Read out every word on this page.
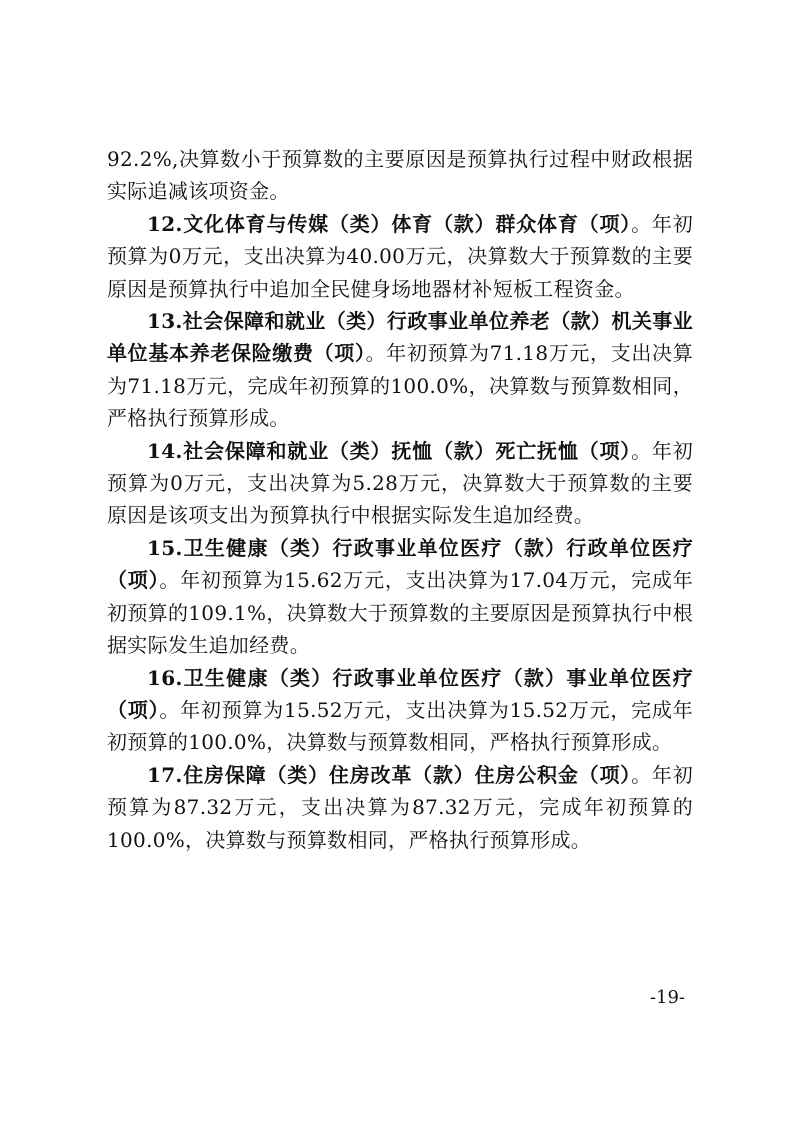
92.2%,决算数小于预算数的主要原因是预算执行过程中财政根据实际追减该项资金。

12.文化体育与传媒（类）体育（款）群众体育（项）。年初预算为0万元，支出决算为40.00万元，决算数大于预算数的主要原因是预算执行中追加全民健身场地器材补短板工程资金。

13.社会保障和就业（类）行政事业单位养老（款）机关事业单位基本养老保险缴费（项）。年初预算为71.18万元，支出决算为71.18万元，完成年初预算的100.0%，决算数与预算数相同，严格执行预算形成。

14.社会保障和就业（类）抚恤（款）死亡抚恤（项）。年初预算为0万元，支出决算为5.28万元，决算数大于预算数的主要原因是该项支出为预算执行中根据实际发生追加经费。

15.卫生健康（类）行政事业单位医疗（款）行政单位医疗（项）。年初预算为15.62万元，支出决算为17.04万元，完成年初预算的109.1%，决算数大于预算数的主要原因是预算执行中根据实际发生追加经费。

16.卫生健康（类）行政事业单位医疗（款）事业单位医疗（项）。年初预算为15.52万元，支出决算为15.52万元，完成年初预算的100.0%，决算数与预算数相同，严格执行预算形成。

17.住房保障（类）住房改革（款）住房公积金（项）。年初预算为87.32万元，支出决算为87.32万元，完成年初预算的100.0%，决算数与预算数相同，严格执行预算形成。

-19-
